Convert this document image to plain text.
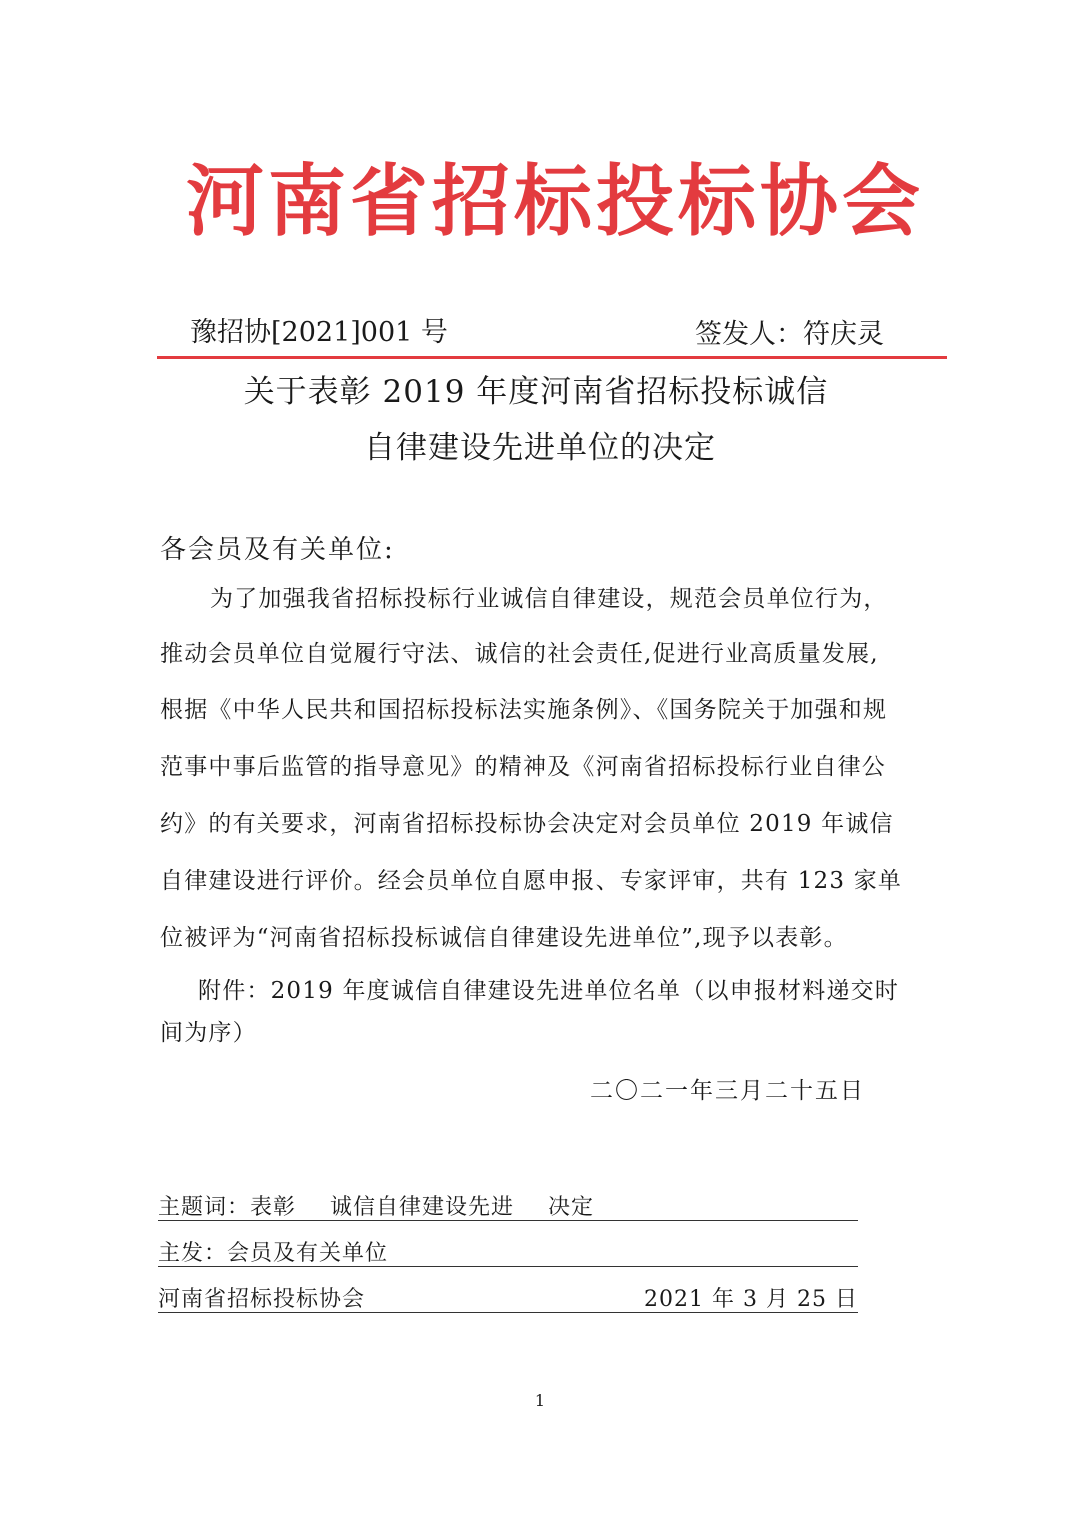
河南省招标投标协会
豫招协[2021]001 号	签发人：符庆灵
关于表彰 2019 年度河南省招标投标诚信
自律建设先进单位的决定
各会员及有关单位:
为了加强我省招标投标行业诚信自律建设，规范会员单位行为，
推动会员单位自觉履行守法、诚信的社会责任,促进行业高质量发展,
根据《中华人民共和国招标投标法实施条例》、《国务院关于加强和规
范事中事后监管的指导意见》的精神及《河南省招标投标行业自律公
约》的有关要求，河南省招标投标协会决定对会员单位 2019 年诚信
自律建设进行评价。经会员单位自愿申报、专家评审，共有 123 家单
位被评为“河南省招标投标诚信自律建设先进单位”,现予以表彰。
附件：2019 年度诚信自律建设先进单位名单（以申报材料递交时
间为序）
二〇二一年三月二十五日
主题词：表彰 诚信自律建设先进 决定
主发：会员及有关单位
河南省招标投标协会	2021 年 3 月 25 日
1
